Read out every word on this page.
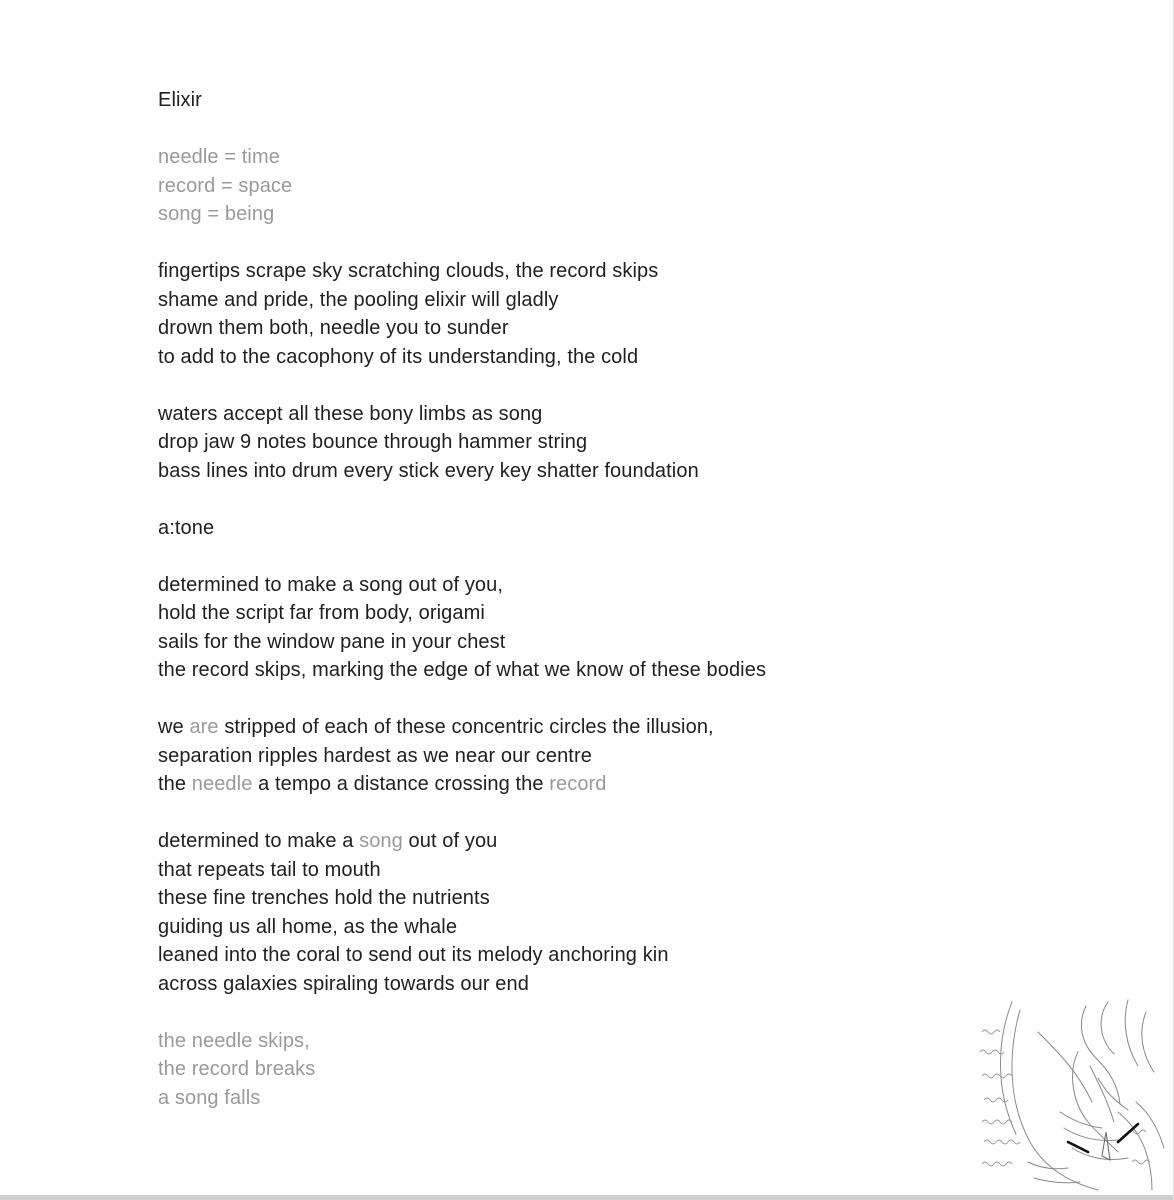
Elixir
needle = time
record = space
song = being
fingertips scrape sky scratching clouds, the record skips
shame and pride, the pooling elixir will gladly
drown them both, needle you to sunder
to add to the cacophony of its understanding, the cold
waters accept all these bony limbs as song
drop jaw 9 notes bounce through hammer string
bass lines into drum every stick every key shatter foundation
a:tone
determined to make a song out of you,
hold the script far from body, origami
sails for the window pane in your chest
the record skips, marking the edge of what we know of these bodies
we are stripped of each of these concentric circles the illusion,
separation ripples hardest as we near our centre
the needle a tempo a distance crossing the record
determined to make a song out of you
that repeats tail to mouth
these fine trenches hold the nutrients
guiding us all home, as the whale
leaned into the coral to send out its melody anchoring kin
across galaxies spiraling towards our end
the needle skips,
the record breaks
a song falls
